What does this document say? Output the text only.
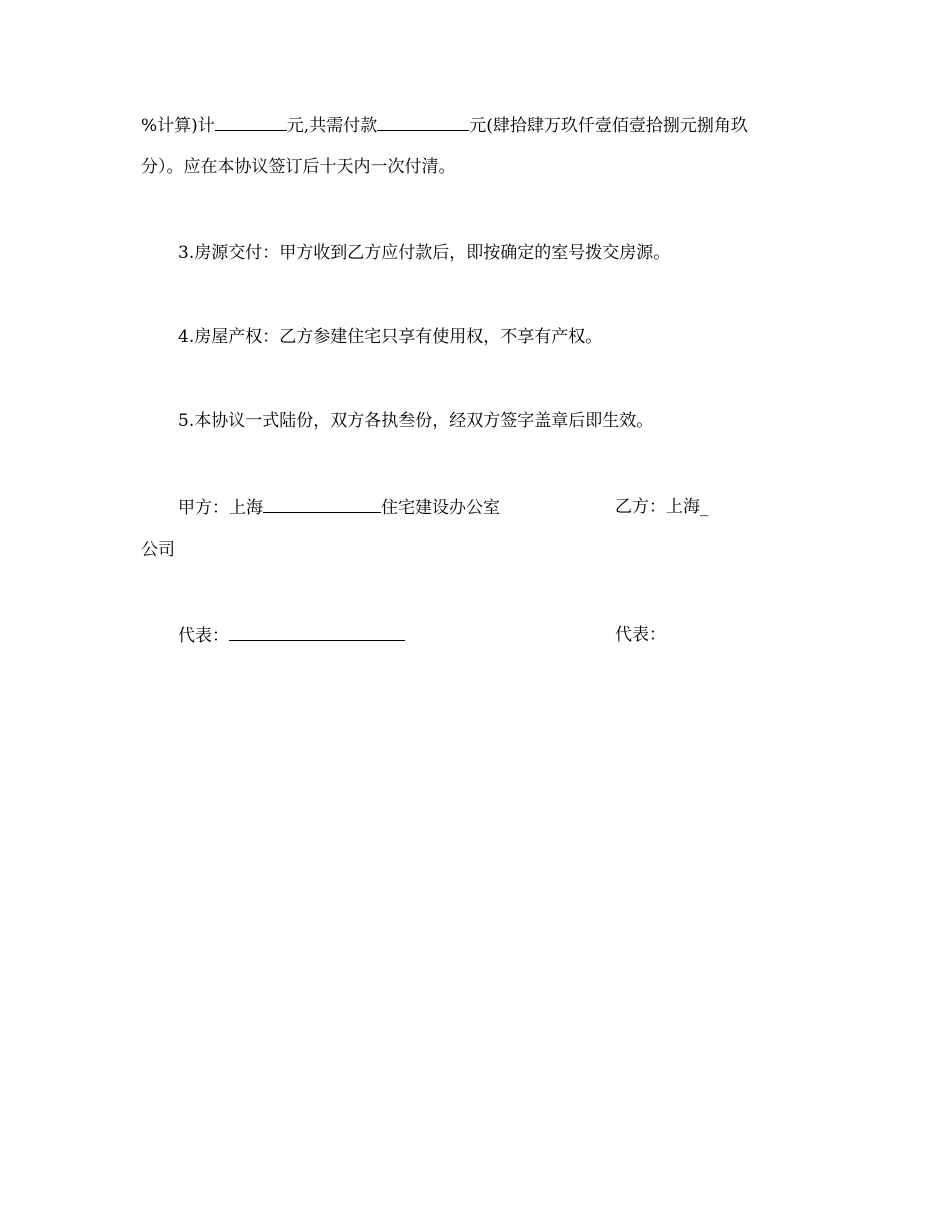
%计算)计	元,共需付款	元(肆拾肆万玖仟壹佰壹拾捌元捌角玖
分）。应在本协议签订后十天内一次付清。
3.房源交付：甲方收到乙方应付款后，即按确定的室号拨交房源。
4.房屋产权：乙方参建住宅只享有使用权，不享有产权。
5.本协议一式陆份，双方各执叁份，经双方签字盖章后即生效。
甲方：上海	住宅建设办公室	乙方：上海_
公司
代表：	代表：
